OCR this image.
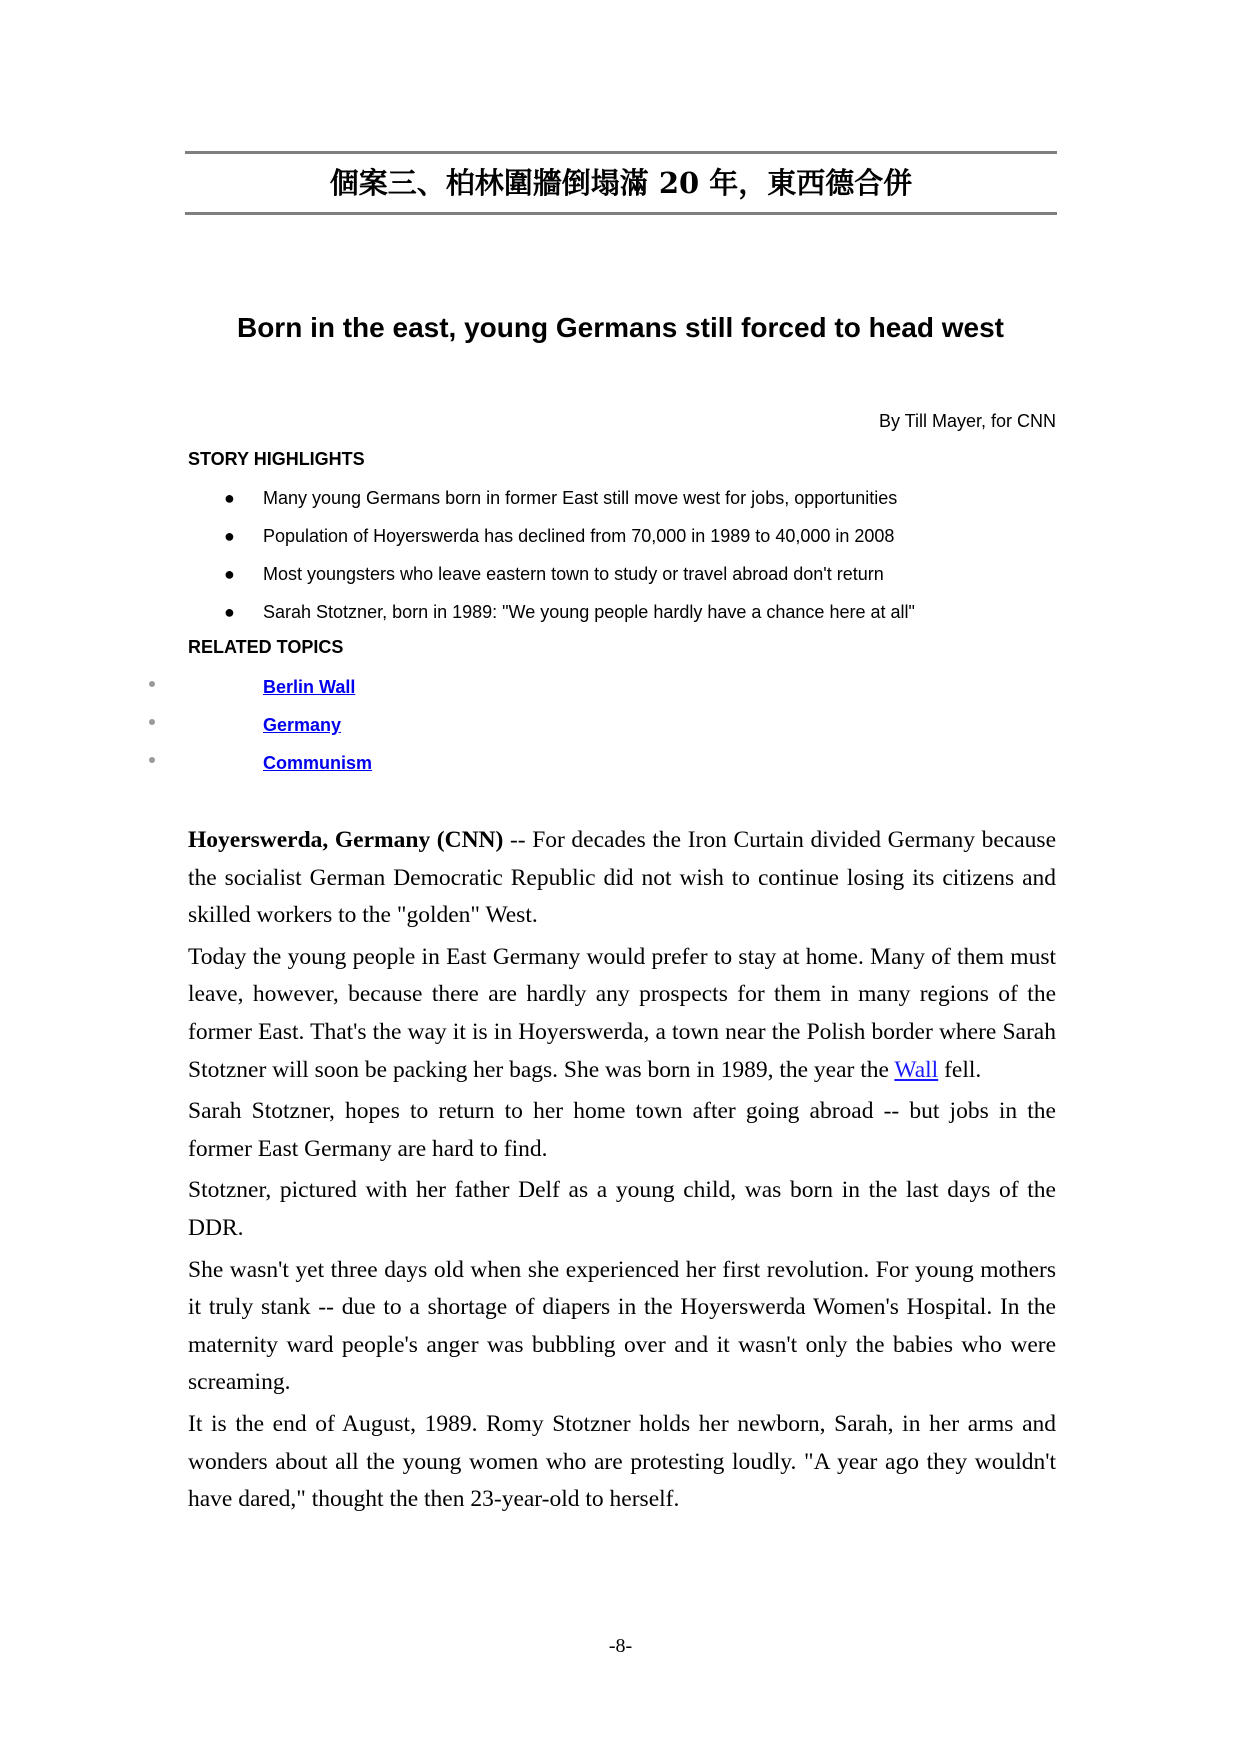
個案三、柏林圍牆倒塌滿 20 年，東西德合併
Born in the east, young Germans still forced to head west
By Till Mayer, for CNN
STORY HIGHLIGHTS
● Many young Germans born in former East still move west for jobs, opportunities
● Population of Hoyerswerda has declined from 70,000 in 1989 to 40,000 in 2008
● Most youngsters who leave eastern town to study or travel abroad don't return
● Sarah Stotzner, born in 1989: "We young people hardly have a chance here at all"
RELATED TOPICS
Berlin Wall
Germany
Communism

Hoyerswerda, Germany (CNN) -- For decades the Iron Curtain divided Germany because the socialist German Democratic Republic did not wish to continue losing its citizens and skilled workers to the "golden" West.

Today the young people in East Germany would prefer to stay at home. Many of them must leave, however, because there are hardly any prospects for them in many regions of the former East. That's the way it is in Hoyerswerda, a town near the Polish border where Sarah Stotzner will soon be packing her bags. She was born in 1989, the year the Wall fell.

Sarah Stotzner, hopes to return to her home town after going abroad -- but jobs in the former East Germany are hard to find.

Stotzner, pictured with her father Delf as a young child, was born in the last days of the DDR.

She wasn't yet three days old when she experienced her first revolution. For young mothers it truly stank -- due to a shortage of diapers in the Hoyerswerda Women's Hospital. In the maternity ward people's anger was bubbling over and it wasn't only the babies who were screaming.

It is the end of August, 1989. Romy Stotzner holds her newborn, Sarah, in her arms and wonders about all the young women who are protesting loudly. "A year ago they wouldn't have dared," thought the then 23-year-old to herself.

-8-
